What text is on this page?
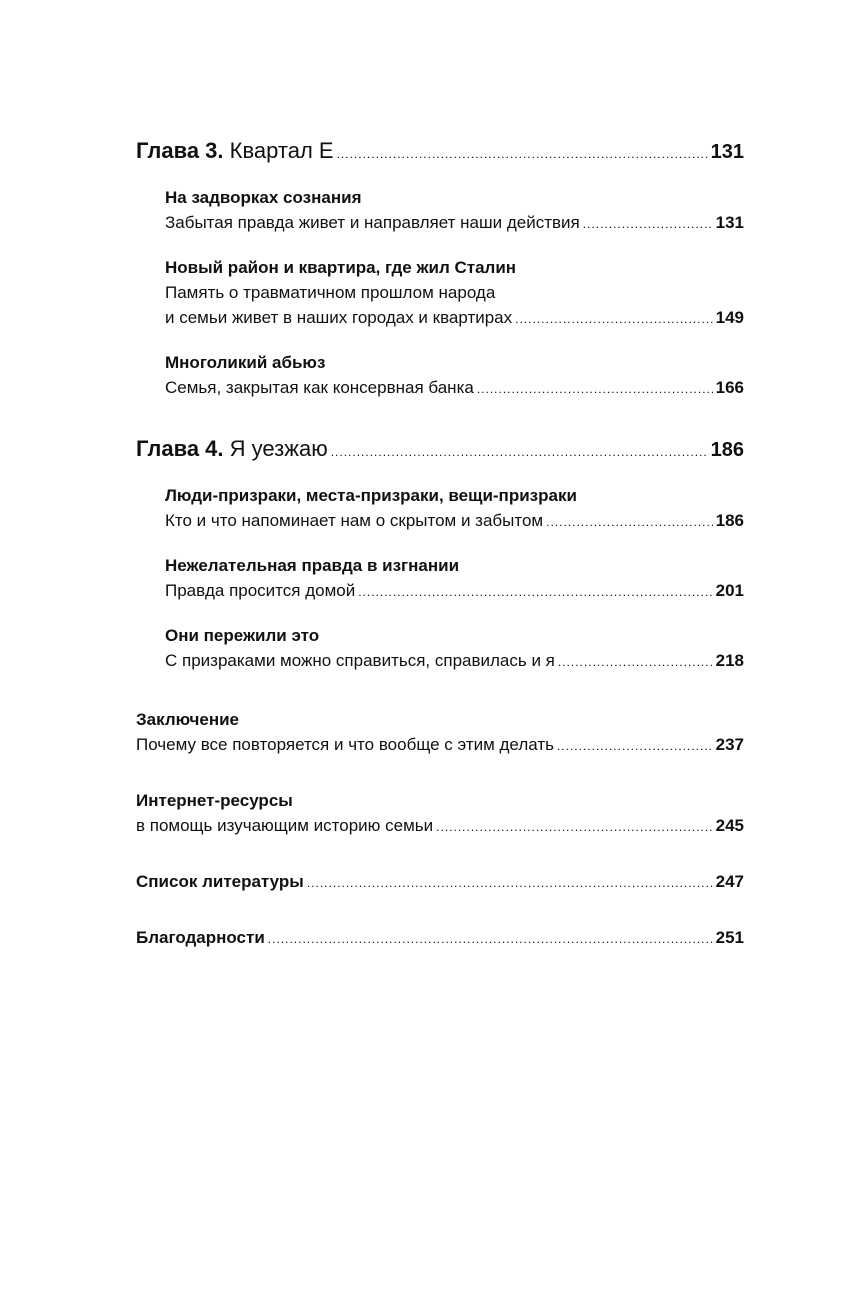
Глава 3. Квартал Е .....	131
На задворках сознания
Забытая правда живет и направляет наши действия .....	131
Новый район и квартира, где жил Сталин
Память о травматичном прошлом народа
и семьи живет в наших городах и квартирах .....	149
Многоликий абьюз
Семья, закрытая как консервная банка .....	166
Глава 4. Я уезжаю .....	186
Люди-призраки, места-призраки, вещи-призраки
Кто и что напоминает нам о скрытом и забытом .....	186
Нежелательная правда в изгнании
Правда просится домой .....	201
Они пережили это
С призраками можно справиться, справилась и я .....	218
Заключение
Почему все повторяется и что вообще с этим делать .....	237
Интернет-ресурсы
в помощь изучающим историю семьи .....	245
Список литературы .....	247
Благодарности .....	251
